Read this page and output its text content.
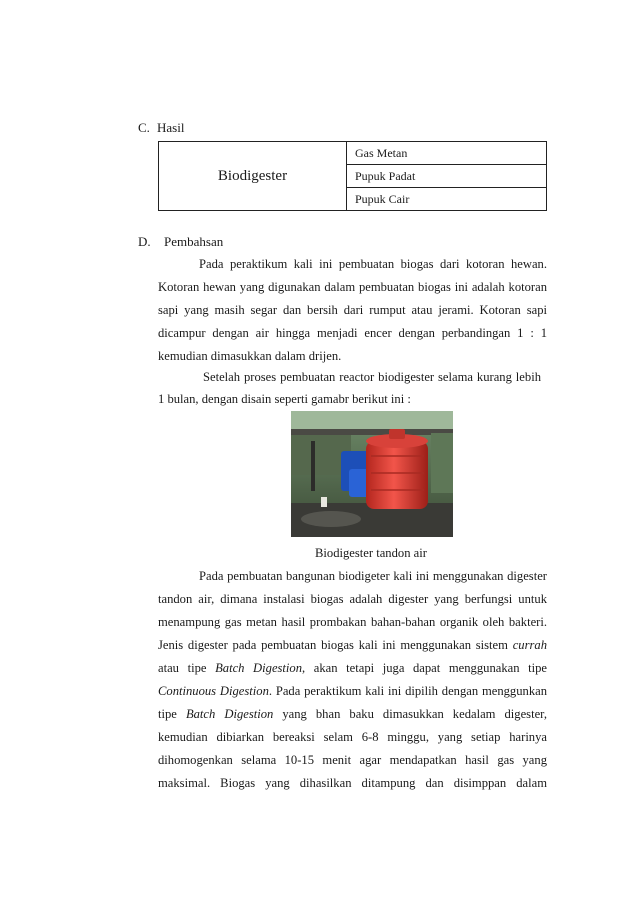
C. Hasil
Biodigester	Gas Metan
Pupuk Padat
Pupuk Cair
D. Pembahsan
Pada peraktikum kali ini pembuatan biogas dari kotoran hewan.
Kotoran hewan yang digunakan dalam pembuatan biogas ini adalah kotoran
sapi yang masih segar dan bersih dari rumput atau jerami. Kotoran sapi
dicampur dengan air hingga menjadi encer dengan perbandingan 1 : 1
kemudian dimasukkan dalam drijen.
Setelah proses pembuatan reactor biodigester selama kurang lebih
1 bulan, dengan disain seperti gamabr berikut ini :
Biodigester tandon air
Pada pembuatan bangunan biodigeter kali ini menggunakan digester
tandon air, dimana instalasi biogas adalah digester yang berfungsi untuk
menampung gas metan hasil prombakan bahan-bahan organik oleh bakteri.
Jenis digester pada pembuatan biogas kali ini menggunakan sistem currah
atau tipe Batch Digestion, akan tetapi juga dapat menggunakan tipe
Continuous Digestion. Pada peraktikum kali ini dipilih dengan menggunkan
tipe Batch Digestion yang bhan baku dimasukkan kedalam digester,
kemudian dibiarkan bereaksi selam 6-8 minggu, yang setiap harinya
dihomogenkan selama 10-15 menit agar mendapatkan hasil gas yang
maksimal. Biogas yang dihasilkan ditampung dan disimppan dalam
